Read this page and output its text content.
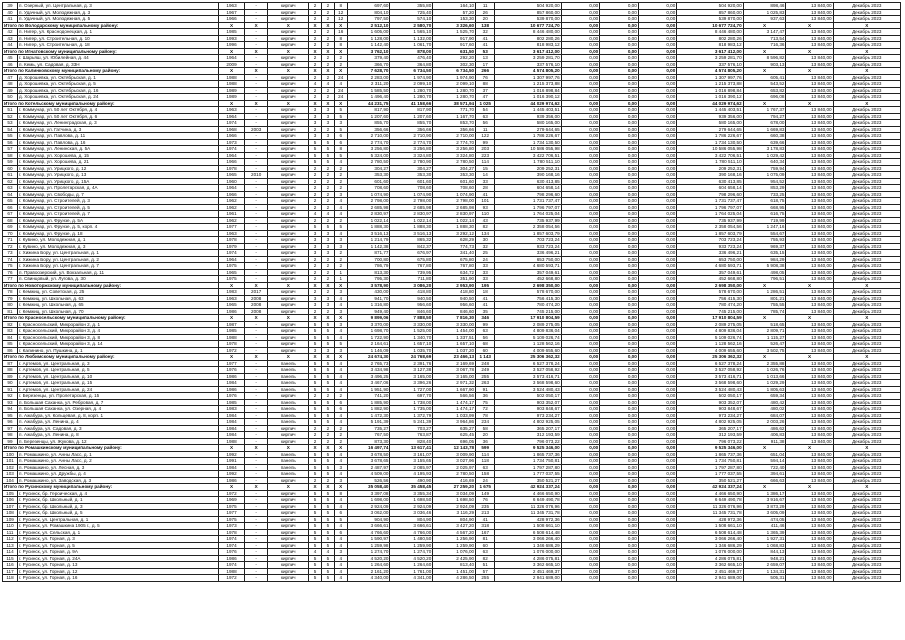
39	п. Озерный, ул. Центральная, д. 3	1963	-	кирпич	2	2	8	697,60	355,80	164,10	11	504 920,00	0,00	0,00	0,00	504 920,00	898,46	13 840,00	Декабрь 2023
40	п. Удачный, ул. Молодежная, д. 3	1967	-	кирпич	2	2	12	804,10	725,40	57,20	26	857 860,00	0,00	0,00	0,00	857 860,00	1 025,83	13 840,00	Декабрь 2023
41	п. Удачный, ул. Молодежная, д. 5	1966	-	кирпич	2	2	12	797,50	574,10	153,30	20	539 870,00	0,00	0,00	0,00	539 870,00	937,63	13 840,00	Декабрь 2023
Итого по Володарскому муниципальному району:		X	X	X	X	X	X	2 512,10	2 580,70	3 326,60	138	10 677 724,70	0,00	0,00	0,00	10 677 724,70	X	X	X
42	п. Нигер, ул. Краснодонецкая, д. 1	1985	-	кирпич	2	2	16	1 605,00	1 565,10	1 525,70	32	8 446 480,00	0,00	0,00	0,00	8 446 480,00	3 147,47	13 840,00	Декабрь 2023
43	п. Нигер, ул. Строительная, д. 10	1993	-	кирпич	2	2	8	1 128,00	1 132,00	917,90	41	802 280,26	0,00	0,00	0,00	802 280,26	713,54	13 840,00	Декабрь 2023
44	п. Нигер, ул. Строительная, д. 18	1996	-	кирпич	2	2	8	1 142,40	1 061,70	917,60	41	818 983,12	0,00	0,00	0,00	818 983,12	716,36	13 840,00	Декабрь 2023
Итого по Игнатовскому муниципальному району:		X	X	X	X	X	X	3 762,10	878,00	631,50	53	3 617 412,00	0,00	0,00	0,00	3 617 412,00	X	X	X
45	г. Шарьяш, ул. Юбилейная, д. 44	1964	-	кирпич	2	2	2	379,40	476,40	292,20	13	3 259 281,70	0,00	0,00	0,00	3 259 281,70	8 596,82	13 840,00	Декабрь 2023
46	п. Кемь, ул. Садовая, д. 33Н	2009	-	кирпич	2	2	2	366,70	364,80	302,30	17	337 576,10	0,00	0,00	0,00	337 576,10	903,13	13 840,00	Декабрь 2023
Итого по Калинковскому муниципальному району:		X	X	X	X	X	X	7 628,70	6 734,50	6 734,50	266	4 574 805,20	0,00	0,00	0,00	4 574 805,20	X	X	X
47	д. Хорошевка, ул. Октябрьская, д. 1	1988	-	кирпич	2	2	24	2 283,00	1 974,90	1 974,90	76	1 307 997,76	0,00	0,00	0,00	1 307 997,76	605,41	13 840,00	Декабрь 2023
48	д. Хорошевка, ул. Октябрьская, д. 5	1988	-	кирпич	4	4	4	2 311,20	2 099,10	2 099,10	88	1 215 373,88	0,00	0,00	0,00	1 215 373,88	543,52	13 840,00	Декабрь 2023
49	д. Хорошевка, ул. Октябрьская, д. 16	1989	-	кирпич	2	2	24	1 585,50	1 280,70	1 280,70	37	1 016 898,84	0,00	0,00	0,00	1 016 898,84	653,82	13 840,00	Декабрь 2023
50	д. Хорошевка, ул. Октябрьская, д. 24	1989	-	кирпич	2	2	24	1 496,40	1 280,70	1 280,70	47	1 016 390,12	0,00	0,00	0,00	1 016 390,12	696,08	13 840,00	Декабрь 2023
Итого по Котельскому муниципальному району:		X	X	X	X	X	X	44 231,75	41 158,66	38 571,94	1 025	44 029 974,62	0,00	0,00	0,00	44 029 974,62	X	X	X
51	г. Коммунар, ул. 50 лет Октября, д. 4	1963	-	кирпич	3	3	5	817,90	817,90	771,70	54	1 445 403,51	0,00	0,00	0,00	1 445 403,51	1 767,37	13 840,00	Декабрь 2023
52	г. Коммунар, ул. 50 лет Октября, д. 6	1964	-	кирпич	3	3	5	1 207,60	1 207,60	1 167,70	63	939 356,00	0,00	0,00	0,00	939 356,00	794,27	13 840,00	Декабрь 2023
53	г. Коммунар, ул. Ленинградская, д. 3	1974	-	кирпич	3	3	3	855,70	855,70	853,70	56	580 165,00	0,00	0,00	0,00	580 165,00	678,00	13 840,00	Декабрь 2023
54	г. Коммунар, ул. Гатчина, д. 3	1968	2003	кирпич	2	2	5	356,66	356,66	356,66	11	279 644,65	0,00	0,00	0,00	279 644,65	1 669,83	13 840,00	Декабрь 2023
55	г. Коммунар, ул. Павлова, д. 11	1966	-	кирпич	3	3	6	2 710,00	2 710,90	2 710,00	122	1 786 226,67	0,00	0,00	0,00	1 786 226,67	660,38	13 840,00	Декабрь 2023
56	г. Коммунар, ул. Павлова, д. 16	1973	-	кирпич	5	5	6	2 774,70	2 774,70	2 774,70	99	1 734 130,50	0,00	0,00	0,00	1 734 130,50	639,66	13 840,00	Декабрь 2023
57	г. Коммунар, ул. Ленинская, д. 5А	1974	-	кирпич	5	5	8	3 256,80	3 256,80	3 256,80	203	10 586 055,98	0,00	0,00	0,00	10 586 055,98	3 178,83	13 840,00	Декабрь 2023
58	г. Коммунар, ул. Хорошева, д. 15	1964	-	кирпич	5	5	5	5 324,00	3 324,80	3 324,80	223	3 422 706,51	0,00	0,00	0,00	3 422 706,51	1 029,42	13 840,00	Декабрь 2023
59	г. Коммунар, ул. Хорошева, д. 21	1966	-	кирпич	5	5	4	2 780,50	2 780,90	2 780,50	114	1 780 511,10	0,00	0,00	0,00	1 780 511,10	640,34	13 840,00	Декабрь 2023
60	г. Коммунар, ул. Урицкого, д. 12	1978	-	кирпич	2	2	2	304,27	304,27	304,27	15	209 252,31	0,00	0,00	0,00	209 252,31	759,94	13 840,00	Декабрь 2023
61	г. Коммунар, ул. Урицкого, д. 13	1965	2010	кирпич	2	2	2	353,30	353,30	353,30	14	390 168,16	0,00	0,00	0,00	390 168,16	1 075,09	13 840,00	Декабрь 2023
62	г. Коммунар, ул. Урицкого, д. 15А	1960	-	кирпич	2	2	2	601,60	601,60	601,60	33	630 413,85	0,00	0,00	0,00	630 413,85	954,52	13 840,00	Декабрь 2023
63	г. Коммунар, ул. Пролетарская, д. 4А	1964	-	кирпич	2	2	2	708,60	708,60	708,60	28	604 658,14	0,00	0,00	0,00	604 658,14	853,29	13 840,00	Декабрь 2023
64	г. Коммунар, ул. Свободы, д. 7	1966	-	кирпич	2	2	3	1 074,90	1 074,90	1 074,90	41	798 296,60	0,00	0,00	0,00	798 296,60	733,25	13 840,00	Декабрь 2023
65	г. Коммунар, ул. Строителей, д. 3	1962	-	кирпич	2	2	4	2 798,00	2 798,00	2 798,00	101	1 731 737,47	0,00	0,00	0,00	1 731 737,47	618,75	13 840,00	Декабрь 2023
66	г. Коммунар, ул. Строителей, д. 5	1962	-	кирпич	2	2	4	2 685,98	2 685,98	2 685,98	93	1 796 797,07	0,00	0,00	0,00	1 796 797,07	668,95	13 840,00	Декабрь 2023
67	г. Коммунар, ул. Строителей, д. 7	1961	-	кирпич	4	4	4	2 830,97	2 830,97	2 830,97	110	1 764 025,04	0,00	0,00	0,00	1 764 025,04	616,75	13 840,00	Декабрь 2023
68	г. Коммунар, ул. Фрунзе, д. 5А	1962	-	кирпич	2	2	2	1 022,14	1 022,14	1 022,14	43	735 937,99	0,00	0,00	0,00	735 937,99	719,99	13 840,00	Декабрь 2023
69	г. Коммунар, ул. Фрунзе, д. 5, корп. 4	1977	-	кирпич	5	5	5	1 888,30	1 888,30	1 888,30	82	2 358 054,56	0,00	0,00	0,00	2 358 054,56	1 247,16	13 840,00	Декабрь 2023
70	г. Коммунар, ул. Фрунзе, д. 18	1963	-	кирпич	3	3	4	3 516,13	3 516,13	3 292,12	134	1 857 603,79	0,00	0,00	0,00	1 857 603,79	554,67	13 840,00	Декабрь 2023
71	г. Кувино, ул. Молодежная, д. 1	1978	-	кирпич	3	3	3	1 214,79	865,32	628,29	30	703 723,24	0,00	0,00	0,00	703 723,24	755,93	13 840,00	Декабрь 2023
72	г. Кувино, ул. Молодежная, д. 3	1979	-	кирпич	3	3	3	1 142,38	842,37	774,73	32	933 723,24	0,00	0,00	0,00	933 723,24	969,37	13 840,00	Декабрь 2023
73	г. Хижина Бору, ул. Центральная, д. 1	1974	-	кирпич	3	3	2	871,77	676,97	341,40	25	336 496,21	0,00	0,00	0,00	336 496,21	635,15	13 840,00	Декабрь 2023
74	г. Хижина Бору, ул. Центральная, д. 2	1964	-	кирпич	2	2	2	700,80	675,80	675,80	24	653 750,00	0,00	0,00	0,00	653 750,00	984,29	13 840,00	Декабрь 2023
75	г. Хижина Бору, ул. Центральная, д. 7	1975	-	кирпич	2	2	2	786,79	767,80	767,80	33	4 680 593,71	0,00	0,00	0,00	4 680 593,71	5 908,38	13 840,00	Декабрь 2023
76	п. Правоозерский, ул. Вокзальная, д. 11	1965	-	кирпич	2	2	1	813,30	739,95	634,72	33	357 049,61	0,00	0,00	0,00	357 049,61	498,05	13 840,00	Декабрь 2023
77	п. Свинцовый, ул. Лугова, д. 30	1975	-	кирпич	2	2	1	795,30	711,80	351,90	33	452 668,80	0,00	0,00	0,00	452 668,80	796,51	13 840,00	Декабрь 2023
Итого по Новоторжскому муниципальному району:		X	X	X	X	X	X	3 578,90	3 086,20	2 953,90	195	2 698 350,00	0,00	0,00	0,00	2 698 350,00	X	X	X
78	г. Кемжиц, ул. Советская, д. 25	1983	2017	кирпич	2	2	3	430,00	418,80	418,80	18	578 670,00	0,00	0,00	0,00	578 670,00	1 286,51	13 840,00	Декабрь 2023
79	г. Кемжиц, ул. Школьная, д. 63	1963	2008	кирпич	3	3	4	941,70	940,50	940,50	41	756 415,30	0,00	0,00	0,00	756 415,30	801,21	13 840,00	Декабрь 2023
80	г. Кемжиц, ул. Школьная, д. 65	1965	2008	кирпич	3	3	4	1 316,80	956,60	956,60	41	780 474,20	0,00	0,00	0,00	780 474,20	755,55	13 840,00	Декабрь 2023
81	г. Кемжиц, ул. Школьная, д. 70	1986	2008	кирпич	2	2	3	949,40	846,60	846,60	35	745 215,00	0,00	0,00	0,00	745 215,00	785,74	13 840,00	Декабрь 2023
Итого по Красносельскому муниципальному району:		X	X	X	X	X	X	9 899,06	7 888,50	7 816,30	346	17 910 804,59	0,00	0,00	0,00	17 910 804,59	X	X	X
82	г. Красносельский, Микрорайон 2, д. 1	1987	-	кирпич	5	5	3	3 370,00	3 330,00	3 330,00	99	2 089 275,05	0,00	0,00	0,00	2 089 275,05	518,65	13 840,00	Декабрь 2023
83	г. Красносельский, Микрорайон 3, д. 4	1985	-	кирпич	5	5	4	1 698,70	1 525,00	1 454,00	63	4 809 836,04	0,00	0,00	0,00	4 809 836,04	2 809,71	13 840,00	Декабрь 2023
84	г. Красносельский, Микрорайон 3, д. 8	1988	-	кирпич	5	5	4	1 722,90	1 340,70	1 337,51	56	5 109 026,74	0,00	0,00	0,00	5 109 026,74	1 115,27	13 840,00	Декабрь 2023
85	г. Красносельский, Микрорайон 3, д. 14	1978	-	кирпич	5	5	5	2 164,61	1 657,10	1 657,10	68	1 128 562,16	0,00	0,00	0,00	1 128 562,16	526,47	13 840,00	Декабрь 2023
86	г. Калинино, ул. Пушкина, д. 1	1972	-	кирпич	3	3	3	1 146,09	1 035,70	1 037,20	60	4 009 655,60	0,00	0,00	0,00	4 009 655,60	3 502,75	13 840,00	Декабрь 2023
Итого по Любимскому муниципальному району:		X	X	X	X	X	X	24 674,30	24 768,69	23 466,13	1 143	25 306 362,32	0,00	0,00	0,00	25 306 362,32	X	X	X
87	г. Артемов, ул. Центральная, д. 3	1977	-	панель	5	5	4	2 765,73	2 391,76	2 169,69	248	6 527 378,24	0,00	0,00	0,00	6 527 378,24	2 355,88	13 840,00	Декабрь 2023
88	г. Артемов, ул. Центральная, д. 5	1976	-	панель	5	5	4	3 434,98	3 127,38	3 067,78	249	3 527 058,92	0,00	0,00	0,00	3 527 058,92	1 026,76	13 840,00	Декабрь 2023
89	г. Артемов, ул. Центральная, д. 10	1986	-	панель	5	5	4	3 496,25	3 165,00	3 165,00	255	3 573 416,71	0,00	0,00	0,00	3 573 416,71	1 013,66	13 840,00	Декабрь 2023
90	г. Артемов, ул. Центральная, д. 15	1984	-	панель	5	5	4	3 467,06	3 396,26	2 971,32	263	3 568 598,60	0,00	0,00	0,00	3 568 598,60	1 029,29	13 840,00	Декабрь 2023
91	г. Артемов, ул. Центральная, д. 24	1986	-	панель	5	5	4	1 951,90	1 727,00	1 667,90	91	3 524 480,43	0,00	0,00	0,00	3 524 480,43	1 805,63	13 840,00	Декабрь 2023
92	г. Березенцы, ул. Пролетарская, д. 15	1976	-	кирпич	2	2	2	741,20	697,70	566,56	36	502 050,17	0,00	0,00	0,00	502 050,17	659,34	13 840,00	Декабрь 2023
93	п. Большая Саханка, ул. Ребровая, д. 7	1985	-	панель	5	5	6	1 885,90	1 738,00	1 474,17	75	903 352,07	0,00	0,00	0,00	903 352,07	480,42	13 840,00	Декабрь 2023
94	п. Большая Саханка, ул. Озерная, д. 4	1983	-	панель	5	5	6	1 882,90	1 735,00	1 474,17	72	903 848,67	0,00	0,00	0,00	903 848,67	480,02	13 840,00	Декабрь 2023
95	п. Ажабура, ул. Кольцевая, д. 8, корп. 1	1984	-	панель	5	5	4	1 472,30	1 372,79	1 033,99	78	973 234,27	0,00	0,00	0,00	973 234,27	684,07	13 840,00	Декабрь 2023
96	п. Ажабура, ул. Ленина, д. 4	1984	-	панель	5	5	4	5 191,39	5 241,39	3 964,86	234	4 802 925,05	0,00	0,00	0,00	4 802 925,05	2 003,26	13 840,00	Декабрь 2023
97	п. Ажабура, ул. Садовая, д. 3	1984	-	кирпич	2	2	2	735,27	703,27	635,27	58	365 207,17	0,00	0,00	0,00	365 207,17	486,62	13 840,00	Декабрь 2023
98	п. Ажабура, ул. Ленина, д. 8	1984	-	кирпич	2	2	2	767,50	763,87	625,45	20	312 193,59	0,00	0,00	0,00	312 193,59	406,83	13 840,00	Декабрь 2023
99	п. Березенцы, ул. Жукова, д. 12	1988	-	кирпич	2	2	2	873,30	828,40	696,05	36	796 073,22	0,00	0,00	0,00	796 073,22	911,38	13 840,00	Декабрь 2023
Итого по Ромашкинскому муниципальному району:		X	X	X	X	X	X	16 497,74	13 617,41	12 143,78	599	9 525 346,00	0,00	0,00	0,00	9 525 346,00	X	X	X
100	п. Ромашкино, ул. Анны Ласс, д. 1	1992	-	панель	5	5	4	3 678,50	3 161,07	3 009,90	114	1 865 737,36	0,00	0,00	0,00	1 865 737,36	651,04	13 840,00	Декабрь 2023
101	п. Ромашкино, ул. Анны Ласс, д. 2	1991	-	панель	5	5	4	3 678,65	3 155,65	3 027,96	118	1 734 750,81	0,00	0,00	0,00	1 734 750,81	594,14	13 840,00	Декабрь 2023
102	п. Ромашкино, ул. Лесная, д. 3	1984	-	панель	5	5	3	2 487,97	2 085,97	2 025,97	63	1 797 287,80	0,00	0,00	0,00	1 797 287,80	722,40	13 840,00	Декабрь 2023
103	п. Ромашкино, ул. Дружбы, д. 4	1992	-	панель	5	5	4	4 509,00	4 195,93	2 780,50	158	1 777 037,55	0,00	0,00	0,00	1 777 037,55	394,61	13 840,00	Декабрь 2023
104	п. Ромашкино, ул. Заводская, д. 3	1986	-	кирпич	2	2	3	526,56	490,90	416,69	24	350 521,27	0,00	0,00	0,00	350 521,27	666,63	13 840,00	Декабрь 2023
Итого по Русинскому муниципальному району:		X	X	X	X	X	X	35 058,40	35 458,45	27 259,20	1 675	42 924 337,24	0,00	0,00	0,00	42 924 337,24	X	X	X
105	г. Русинск, бр. Героическая, д. 4	1972	-	кирпич	5	5	8	3 397,08	3 355,34	3 034,09	149	4 466 650,90	0,00	0,00	0,00	4 466 650,90	1 386,17	13 840,00	Декабрь 2023
106	г. Русинск, бр. Школьный, д. 1	1969	-	кирпич	5	5	4	1 698,00	1 698,50	1 698,50	76	6 649 490,78	0,00	0,00	0,00	6 649 490,78	3 916,67	13 840,00	Декабрь 2023
107	г. Русинск, бр. Школьный, д. 3	1975	-	кирпич	5	5	4	2 924,09	2 924,09	2 924,09	235	11 326 076,96	0,00	0,00	0,00	11 326 076,96	3 873,29	13 840,00	Декабрь 2023
108	г. Русинск, бр. Школьный, д. 5	1977	-	кирпич	5	5	6	3 062,00	3 036,46	3 116,29	213	11 345 731,78	0,00	0,00	0,00	11 345 731,78	3 605,09	13 840,00	Декабрь 2023
109	г. Русинск, ул. Центральная, д. 1	1975	-	кирпич	5	5	5	904,90	804,90	804,90	41	428 972,36	0,00	0,00	0,00	428 972,36	474,05	13 840,00	Декабрь 2023
110	г. Русинск, ул. Ромашкина 1905 г., д. 5	1973	-	кирпич	5	5	4	3 666,61	3 666,61	3 427,20	318	1 508 661,10	0,00	0,00	0,00	1 508 661,10	411,46	13 840,00	Декабрь 2023
111	г. Русинск, ул. Сельская, д. 1	1978	-	кирпич	5	5	6	4 766,60	4 766,00	4 567,20	167	6 508 614,48	0,00	0,00	0,00	6 508 614,48	1 365,39	13 840,00	Декабрь 2023
112	г. Русинск, ул. Горная, д. 3	1974	-	кирпич	5	5	4	1 590,97	1 480,50	1 256,90	81	3 066 266,40	0,00	0,00	0,00	3 066 266,40	1 927,31	13 840,00	Декабрь 2023
113	г. Русинск, ул. Горная, д. 5	1974	-	кирпич	5	5	4	1 259,98	1 259,90	1 259,90	60	1 346 686,29	0,00	0,00	0,00	1 346 686,29	1 068,83	13 840,00	Декабрь 2023
114	г. Русинск, ул. Горная, д. 9А	1976	-	кирпич	4	4	3	1 274,70	1 274,70	1 076,00	63	1 076 000,00	0,00	0,00	0,00	1 076 000,00	844,13	13 840,00	Декабрь 2023
115	г. Русинск, ул. Горная, д. 24А	1986	-	кирпич	5	5	4	4 520,20	4 520,20	2 425,90	82	4 286 075,81	0,00	0,00	0,00	4 286 075,81	948,21	13 840,00	Декабрь 2023
116	г. Русинск, ул. Горная, д. 13	1974	-	кирпич	5	5	4	1 264,60	1 264,60	813,40	51	3 362 665,10	0,00	0,00	0,00	3 362 665,10	2 659,07	13 840,00	Декабрь 2023
117	г. Русинск, ул. Горная, д. 12	1988	-	кирпич	5	5	4	2 161,20	1 761,00	1 451,00	57	2 451 469,37	0,00	0,00	0,00	2 451 469,37	1 134,31	13 840,00	Декабрь 2023
118	г. Русинск, ул. Горная, д. 16	1972	-	кирпич	5	5	4	4 340,00	4 341,00	4 286,50	255	2 941 689,00	0,00	0,00	0,00	2 941 689,00	505,31	13 840,00	Декабрь 2023
